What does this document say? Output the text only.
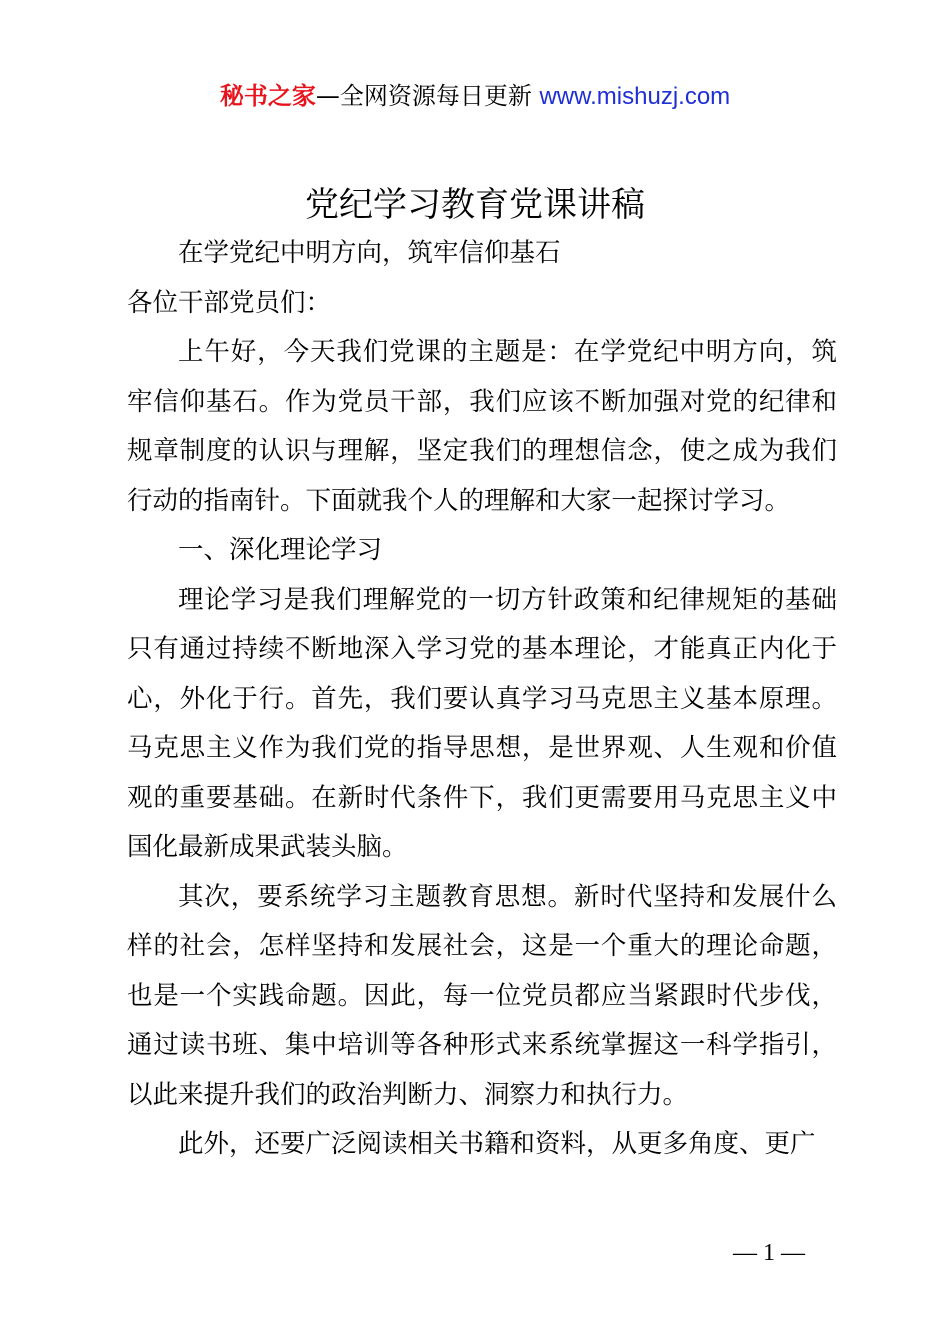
秘书之家—全网资源每日更新 www.mishuzj.com
党纪学习教育党课讲稿

在学党纪中明方向，筑牢信仰基石

各位干部党员们：

上午好，今天我们党课的主题是：在学党纪中明方向，筑牢信仰基石。作为党员干部，我们应该不断加强对党的纪律和规章制度的认识与理解，坚定我们的理想信念，使之成为我们行动的指南针。下面就我个人的理解和大家一起探讨学习。

一、深化理论学习

理论学习是我们理解党的一切方针政策和纪律规矩的基础只有通过持续不断地深入学习党的基本理论，才能真正内化于心，外化于行。首先，我们要认真学习马克思主义基本原理。马克思主义作为我们党的指导思想，是世界观、人生观和价值观的重要基础。在新时代条件下，我们更需要用马克思主义中国化最新成果武装头脑。

其次，要系统学习主题教育思想。新时代坚持和发展什么样的社会，怎样坚持和发展社会，这是一个重大的理论命题，也是一个实践命题。因此，每一位党员都应当紧跟时代步伐，通过读书班、集中培训等各种形式来系统掌握这一科学指引，以此来提升我们的政治判断力、洞察力和执行力。

此外，还要广泛阅读相关书籍和资料，从更多角度、更广

— 1 —
